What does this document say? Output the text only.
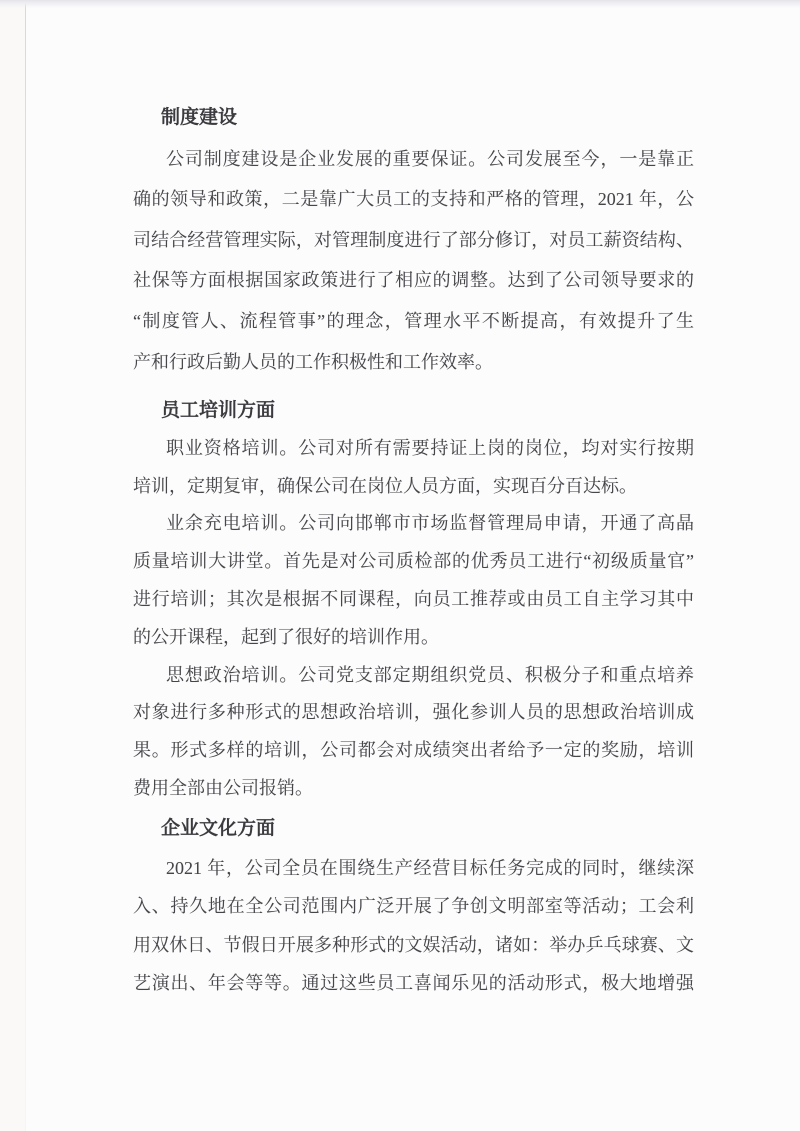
制度建设
公司制度建设是企业发展的重要保证。公司发展至今，一是靠正
确的领导和政策，二是靠广大员工的支持和严格的管理，2021 年，公
司结合经营管理实际，对管理制度进行了部分修订，对员工薪资结构、
社保等方面根据国家政策进行了相应的调整。达到了公司领导要求的
“制度管人、流程管事”的理念，管理水平不断提高，有效提升了生
产和行政后勤人员的工作积极性和工作效率。
员工培训方面
职业资格培训。公司对所有需要持证上岗的岗位，均对实行按期
培训，定期复审，确保公司在岗位人员方面，实现百分百达标。
业余充电培训。公司向邯郸市市场监督管理局申请，开通了高晶
质量培训大讲堂。首先是对公司质检部的优秀员工进行“初级质量官”
进行培训；其次是根据不同课程，向员工推荐或由员工自主学习其中
的公开课程，起到了很好的培训作用。
思想政治培训。公司党支部定期组织党员、积极分子和重点培养
对象进行多种形式的思想政治培训，强化参训人员的思想政治培训成
果。形式多样的培训，公司都会对成绩突出者给予一定的奖励，培训
费用全部由公司报销。
企业文化方面
2021 年，公司全员在围绕生产经营目标任务完成的同时，继续深
入、持久地在全公司范围内广泛开展了争创文明部室等活动；工会利
用双休日、节假日开展多种形式的文娱活动，诸如：举办乒乓球赛、文
艺演出、年会等等。通过这些员工喜闻乐见的活动形式，极大地增强
